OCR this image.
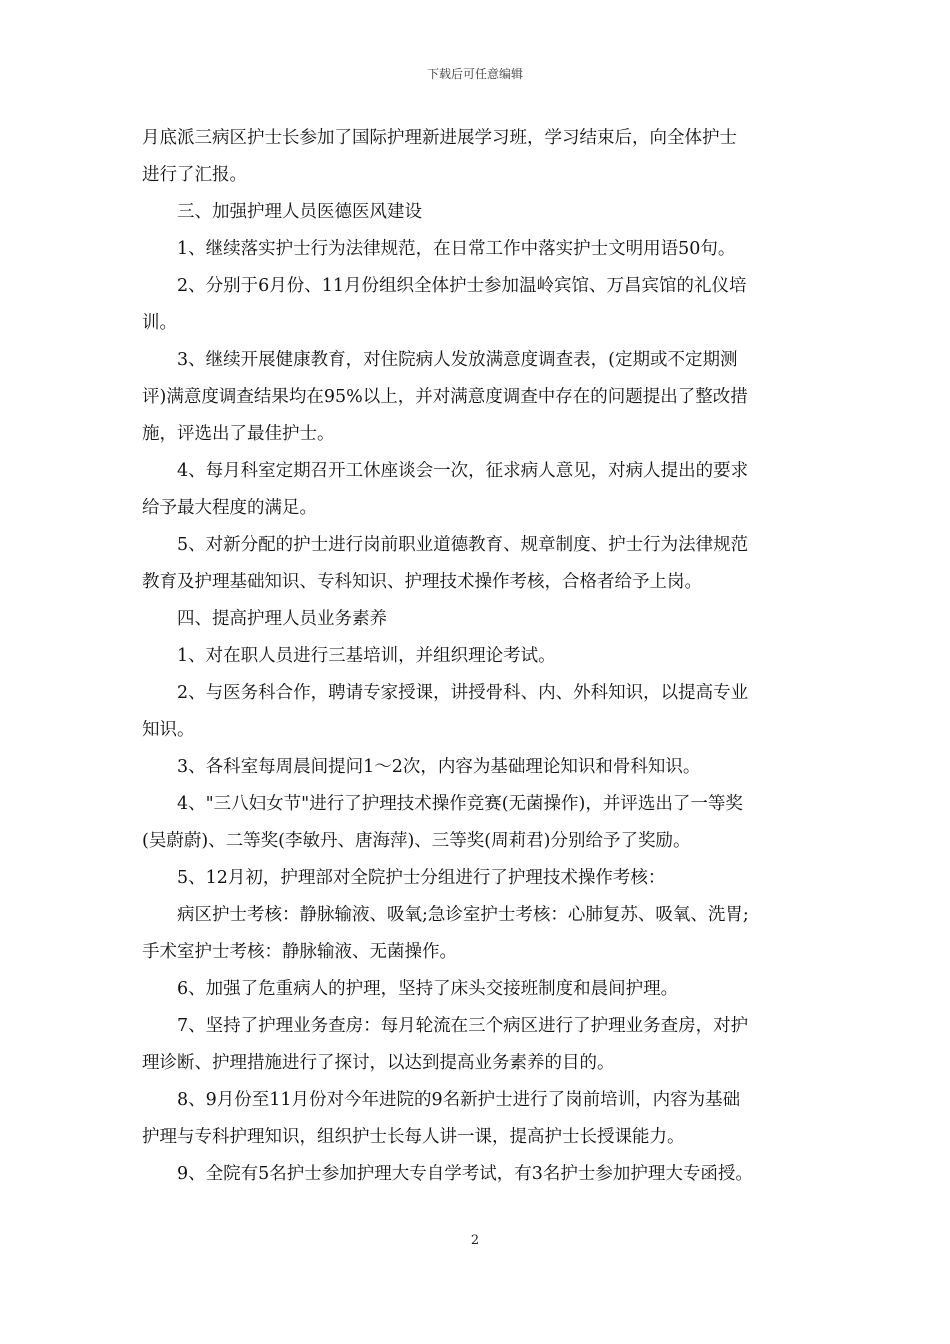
下载后可任意编辑
月底派三病区护士长参加了国际护理新进展学习班，学习结束后，向全体护士
进行了汇报。
三、加强护理人员医德医风建设
1、继续落实护士行为法律规范，在日常工作中落实护士文明用语50句。
2、分别于6月份、11月份组织全体护士参加温岭宾馆、万昌宾馆的礼仪培
训。
3、继续开展健康教育，对住院病人发放满意度调查表，(定期或不定期测
评)满意度调查结果均在95%以上，并对满意度调查中存在的问题提出了整改措
施，评选出了最佳护士。
4、每月科室定期召开工休座谈会一次，征求病人意见，对病人提出的要求
给予最大程度的满足。
5、对新分配的护士进行岗前职业道德教育、规章制度、护士行为法律规范
教育及护理基础知识、专科知识、护理技术操作考核，合格者给予上岗。
四、提高护理人员业务素养
1、对在职人员进行三基培训，并组织理论考试。
2、与医务科合作，聘请专家授课，讲授骨科、内、外科知识，以提高专业
知识。
3、各科室每周晨间提问1～2次，内容为基础理论知识和骨科知识。
4、"三八妇女节"进行了护理技术操作竞赛(无菌操作)，并评选出了一等奖
(吴蔚蔚)、二等奖(李敏丹、唐海萍)、三等奖(周莉君)分别给予了奖励。
5、12月初，护理部对全院护士分组进行了护理技术操作考核：
病区护士考核：静脉输液、吸氧;急诊室护士考核：心肺复苏、吸氧、洗胃;
手术室护士考核：静脉输液、无菌操作。
6、加强了危重病人的护理，坚持了床头交接班制度和晨间护理。
7、坚持了护理业务查房：每月轮流在三个病区进行了护理业务查房，对护
理诊断、护理措施进行了探讨，以达到提高业务素养的目的。
8、9月份至11月份对今年进院的9名新护士进行了岗前培训，内容为基础
护理与专科护理知识，组织护士长每人讲一课，提高护士长授课能力。
9、全院有5名护士参加护理大专自学考试，有3名护士参加护理大专函授。
2
